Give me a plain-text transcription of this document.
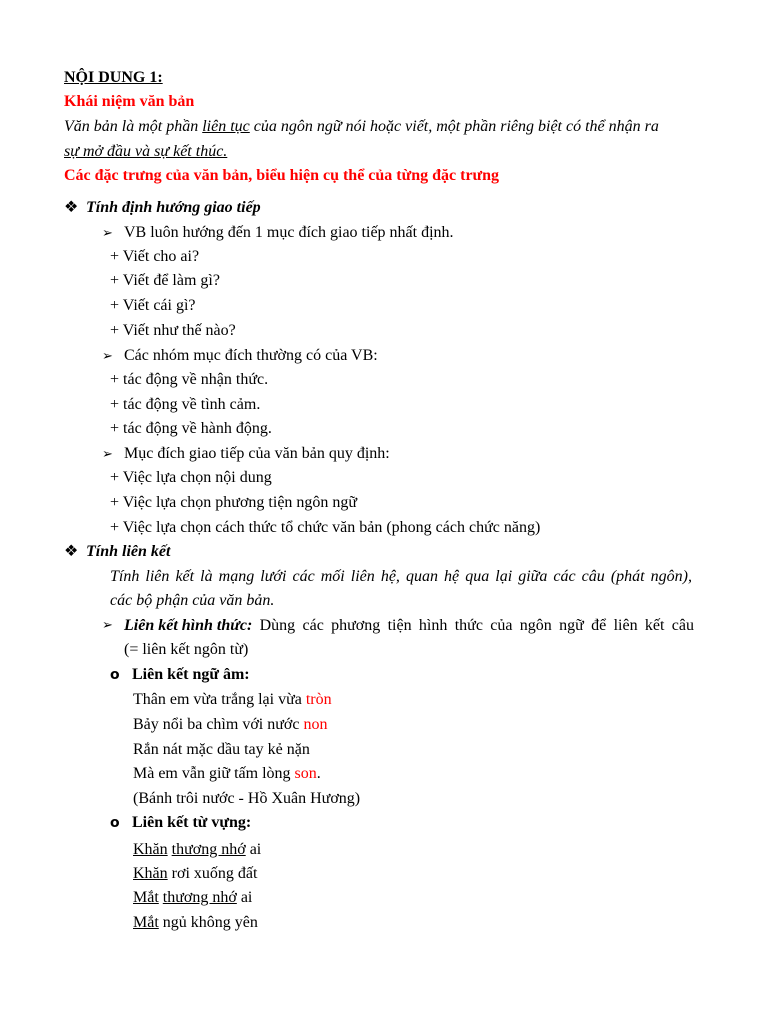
NỘI DUNG 1:
Khái niệm văn bản
Văn bản là một phần liên tục của ngôn ngữ nói hoặc viết, một phần riêng biệt có thể nhận ra
sự mở đầu và sự kết thúc.
Các đặc trưng của văn bản, biểu hiện cụ thể của từng đặc trưng
❖ Tính định hướng giao tiếp
➢ VB luôn hướng đến 1 mục đích giao tiếp nhất định.
+ Viết cho ai?
+ Viết để làm gì?
+ Viết cái gì?
+ Viết như thế nào?
➢ Các nhóm mục đích thường có của VB:
+ tác động về nhận thức.
+ tác động về tình cảm.
+ tác động về hành động.
➢ Mục đích giao tiếp của văn bản quy định:
+ Việc lựa chọn nội dung
+ Việc lựa chọn phương tiện ngôn ngữ
+ Việc lựa chọn cách thức tổ chức văn bản (phong cách chức năng)
❖ Tính liên kết
Tính liên kết là mạng lưới các mối liên hệ, quan hệ qua lại giữa các câu (phát ngôn),
các bộ phận của văn bản.
➢ Liên kết hình thức: Dùng các phương tiện hình thức của ngôn ngữ để liên kết câu
(= liên kết ngôn từ)
o Liên kết ngữ âm:
Thân em vừa trắng lại vừa tròn
Bảy nổi ba chìm với nước non
Rắn nát mặc dầu tay kẻ nặn
Mà em vẫn giữ tấm lòng son.
(Bánh trôi nước - Hồ Xuân Hương)
o Liên kết từ vựng:
Khăn thương nhớ ai
Khăn rơi xuống đất
Mắt thương nhớ ai
Mắt ngủ không yên
